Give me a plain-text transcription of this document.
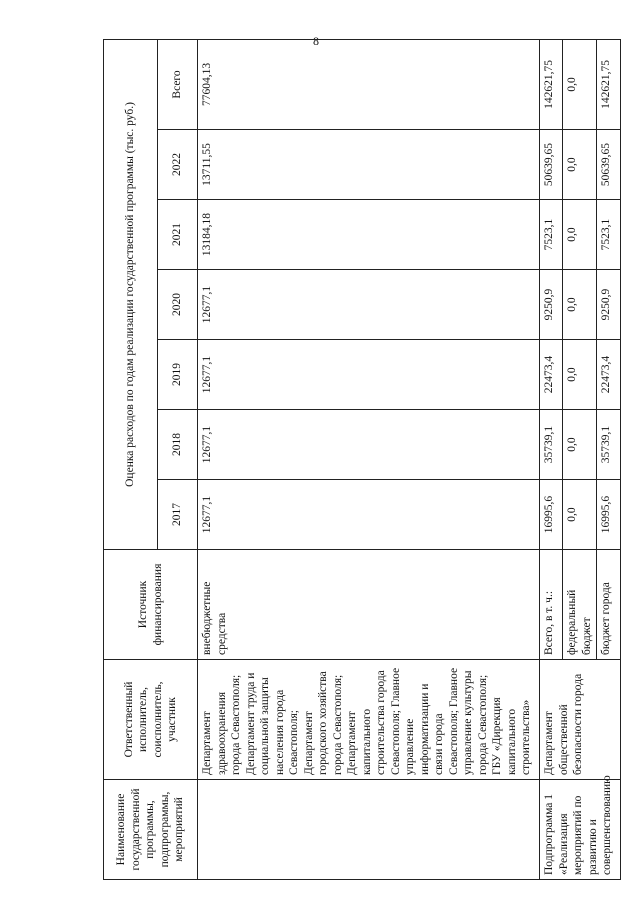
8
Наименование государственной программы, подпрограммы, мероприятий	Ответственный исполнитель, соисполнитель, участник	Источник финансирования	Оценка расходов по годам реализации государственной программы (тыс. руб.)						
			2017	2018	2019	2020	2021	2022	Всего
	Департамент здравоохранения города Севастополя; Департамент труда и социальной защиты населения города Севастополя; Департамент городского хозяйства города Севастополя; Департамент капитального строительства города Севастополя; Главное управление информатизации и связи города Севастополя; Главное управление культуры города Севастополя; ГБУ «Дирекция капитального строительства»	внебюджетные средства	12677,1	12677,1	12677,1	12677,1	13184,18	13711,55	77604,13
Подпрограмма 1 «Реализация мероприятий по развитию и совершенствованию	Департамент общественной безопасности города	Всего, в т. ч.:	16995,6	35739,1	22473,4	9250,9	7523,1	50639,65	142621,75
		федеральный бюджет	0,0	0,0	0,0	0,0	0,0	0,0	0,0
		бюджет города	16995,6	35739,1	22473,4	9250,9	7523,1	50639,65	142621,75
